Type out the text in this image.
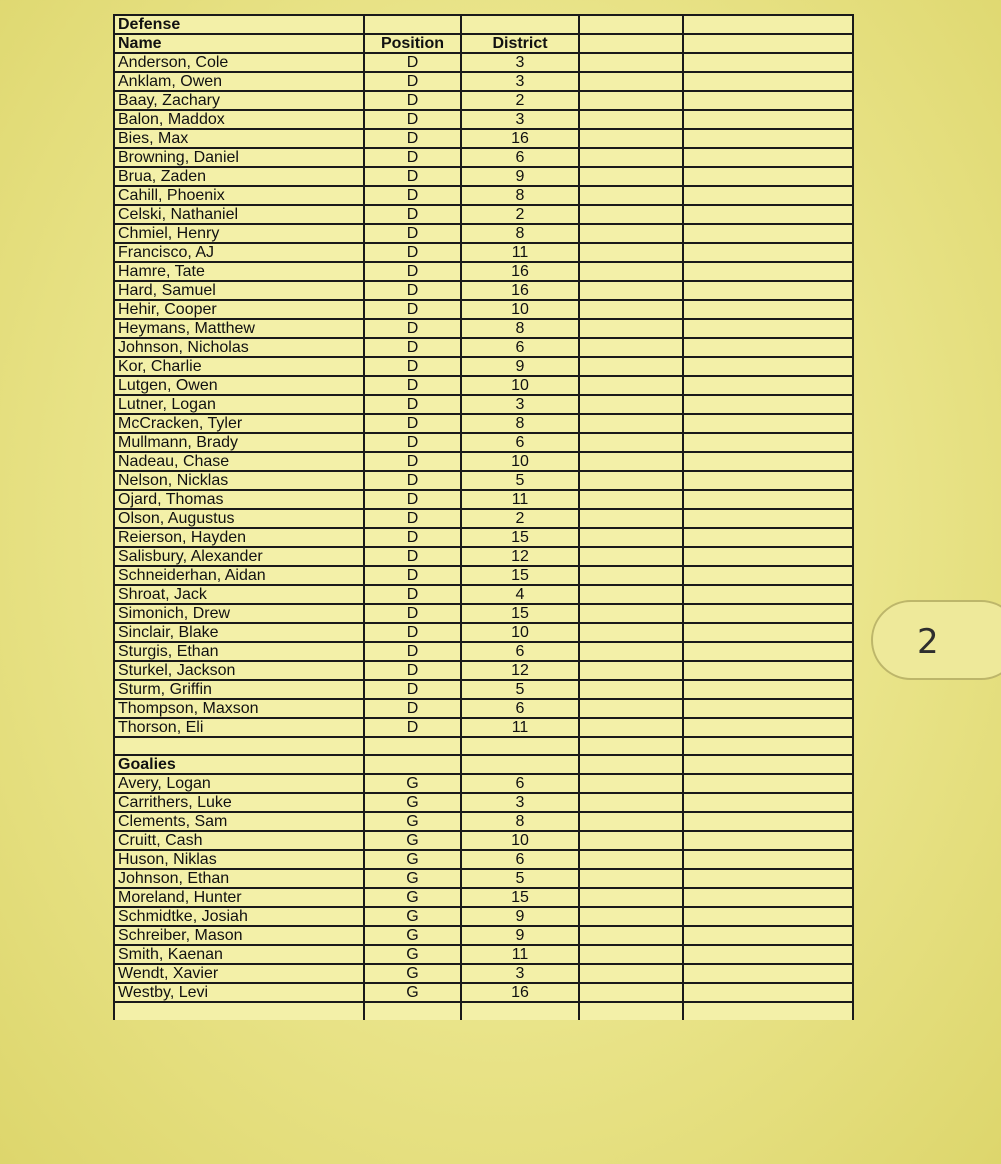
Defense				
Name	Position	District		
Anderson, Cole	D	3		
Anklam, Owen	D	3		
Baay, Zachary	D	2		
Balon, Maddox	D	3		
Bies, Max	D	16		
Browning, Daniel	D	6		
Brua, Zaden	D	9		
Cahill, Phoenix	D	8		
Celski, Nathaniel	D	2		
Chmiel, Henry	D	8		
Francisco, AJ	D	11		
Hamre, Tate	D	16		
Hard, Samuel	D	16		
Hehir, Cooper	D	10		
Heymans, Matthew	D	8		
Johnson, Nicholas	D	6		
Kor, Charlie	D	9		
Lutgen, Owen	D	10		
Lutner, Logan	D	3		
McCracken, Tyler	D	8		
Mullmann, Brady	D	6		
Nadeau, Chase	D	10		
Nelson, Nicklas	D	5		
Ojard, Thomas	D	11		
Olson, Augustus	D	2		
Reierson, Hayden	D	15		
Salisbury, Alexander	D	12		
Schneiderhan, Aidan	D	15		
Shroat, Jack	D	4		
Simonich, Drew	D	15		
Sinclair, Blake	D	10		
Sturgis, Ethan	D	6		
Sturkel, Jackson	D	12		
Sturm, Griffin	D	5		
Thompson, Maxson	D	6		
Thorson, Eli	D	11		

Goalies				
Avery, Logan	G	6		
Carrithers, Luke	G	3		
Clements, Sam	G	8		
Cruitt, Cash	G	10		
Huson, Niklas	G	6		
Johnson, Ethan	G	5		
Moreland, Hunter	G	15		
Schmidtke, Josiah	G	9		
Schreiber, Mason	G	9		
Smith, Kaenan	G	11		
Wendt, Xavier	G	3		
Westby, Levi	G	16		

2
